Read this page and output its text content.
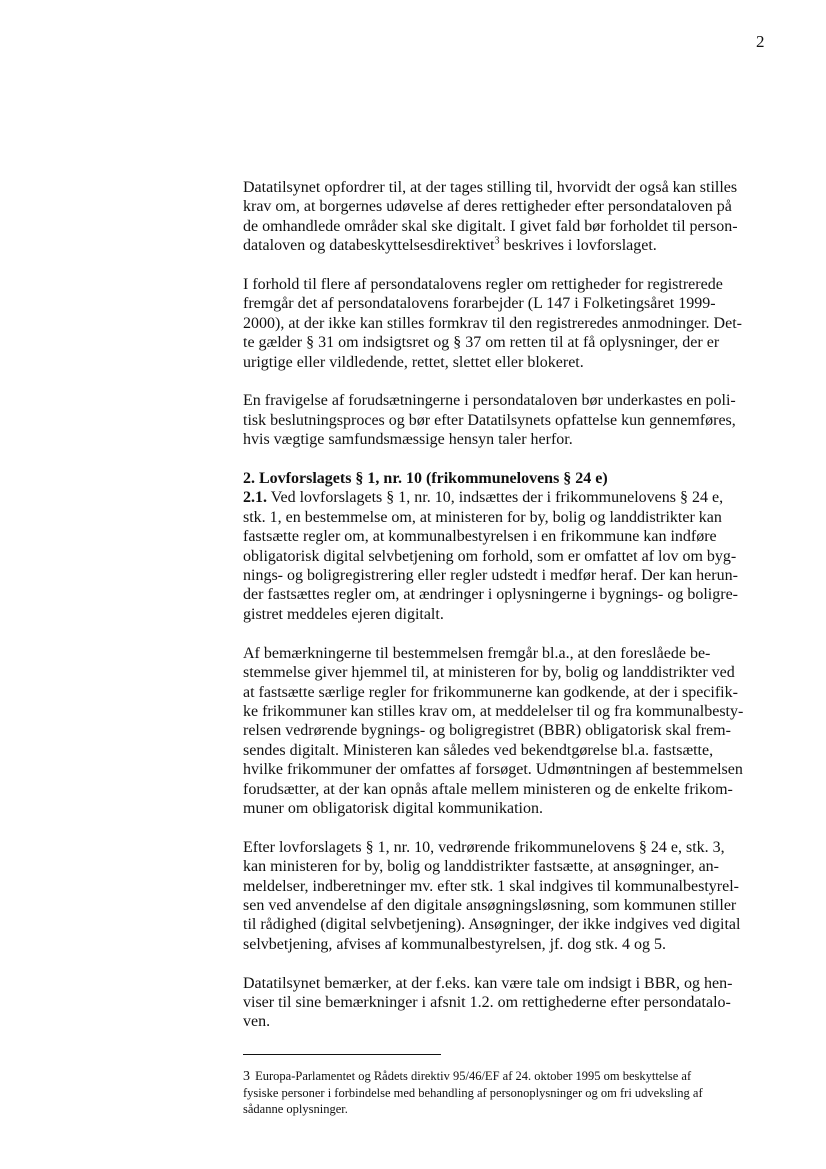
2

Datatilsynet opfordrer til, at der tages stilling til, hvorvidt der også kan stilles
krav om, at borgernes udøvelse af deres rettigheder efter persondataloven på
de omhandlede områder skal ske digitalt. I givet fald bør forholdet til person-
dataloven og databeskyttelsesdirektivet$^3$ beskrives i lovforslaget.

I forhold til flere af persondatalovens regler om rettigheder for registrerede
fremgår det af persondatalovens forarbejder (L 147 i Folketingsåret 1999-
2000), at der ikke kan stilles formkrav til den registreredes anmodninger. Det-
te gælder § 31 om indsigtsret og § 37 om retten til at få oplysninger, der er
urigtige eller vildledende, rettet, slettet eller blokeret.

En fravigelse af forudsætningerne i persondataloven bør underkastes en poli-
tisk beslutningsproces og bør efter Datatilsynets opfattelse kun gennemføres,
hvis vægtige samfundsmæssige hensyn taler herfor.

2. Lovforslagets § 1, nr. 10 (frikommunelovens § 24 e)
2.1. Ved lovforslagets § 1, nr. 10, indsættes der i frikommunelovens § 24 e,
stk. 1, en bestemmelse om, at ministeren for by, bolig og landdistrikter kan
fastsætte regler om, at kommunalbestyrelsen i en frikommune kan indføre
obligatorisk digital selvbetjening om forhold, som er omfattet af lov om byg-
nings- og boligregistrering eller regler udstedt i medfør heraf. Der kan herun-
der fastsættes regler om, at ændringer i oplysningerne i bygnings- og boligre-
gistret meddeles ejeren digitalt.

Af bemærkningerne til bestemmelsen fremgår bl.a., at den foreslåede be-
stemmelse giver hjemmel til, at ministeren for by, bolig og landdistrikter ved
at fastsætte særlige regler for frikommunerne kan godkende, at der i specifik-
ke frikommuner kan stilles krav om, at meddelelser til og fra kommunalbesty-
relsen vedrørende bygnings- og boligregistret (BBR) obligatorisk skal frem-
sendes digitalt. Ministeren kan således ved bekendtgørelse bl.a. fastsætte,
hvilke frikommuner der omfattes af forsøget. Udmøntningen af bestemmelsen
forudsætter, at der kan opnås aftale mellem ministeren og de enkelte frikom-
muner om obligatorisk digital kommunikation.

Efter lovforslagets § 1, nr. 10, vedrørende frikommunelovens § 24 e, stk. 3,
kan ministeren for by, bolig og landdistrikter fastsætte, at ansøgninger, an-
meldelser, indberetninger mv. efter stk. 1 skal indgives til kommunalbestyrel-
sen ved anvendelse af den digitale ansøgningsløsning, som kommunen stiller
til rådighed (digital selvbetjening). Ansøgninger, der ikke indgives ved digital
selvbetjening, afvises af kommunalbestyrelsen, jf. dog stk. 4 og 5.

Datatilsynet bemærker, at der f.eks. kan være tale om indsigt i BBR, og hen-
viser til sine bemærkninger i afsnit 1.2. om rettighederne efter persondatalo-
ven.

3 Europa-Parlamentet og Rådets direktiv 95/46/EF af 24. oktober 1995 om beskyttelse af
fysiske personer i forbindelse med behandling af personoplysninger og om fri udveksling af
sådanne oplysninger.
